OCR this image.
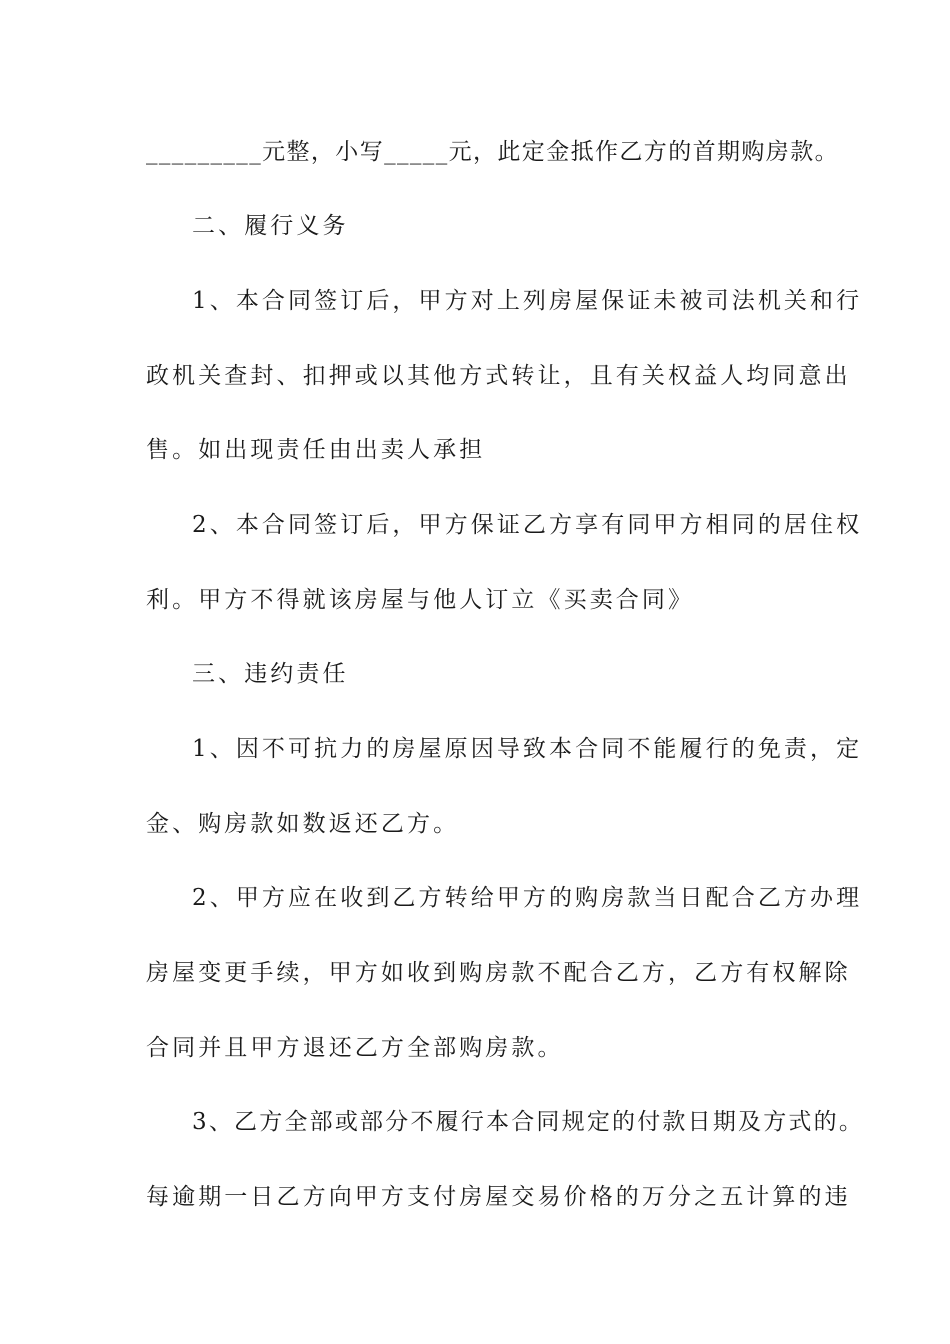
_________元整，小写_____元，此定金抵作乙方的首期购房款。
二、履行义务
1、本合同签订后，甲方对上列房屋保证未被司法机关和行
政机关查封、扣押或以其他方式转让，且有关权益人均同意出
售。如出现责任由出卖人承担
2、本合同签订后，甲方保证乙方享有同甲方相同的居住权
利。甲方不得就该房屋与他人订立《买卖合同》
三、违约责任
1、因不可抗力的房屋原因导致本合同不能履行的免责，定
金、购房款如数返还乙方。
2、甲方应在收到乙方转给甲方的购房款当日配合乙方办理
房屋变更手续，甲方如收到购房款不配合乙方，乙方有权解除
合同并且甲方退还乙方全部购房款。
3、乙方全部或部分不履行本合同规定的付款日期及方式的。
每逾期一日乙方向甲方支付房屋交易价格的万分之五计算的违
